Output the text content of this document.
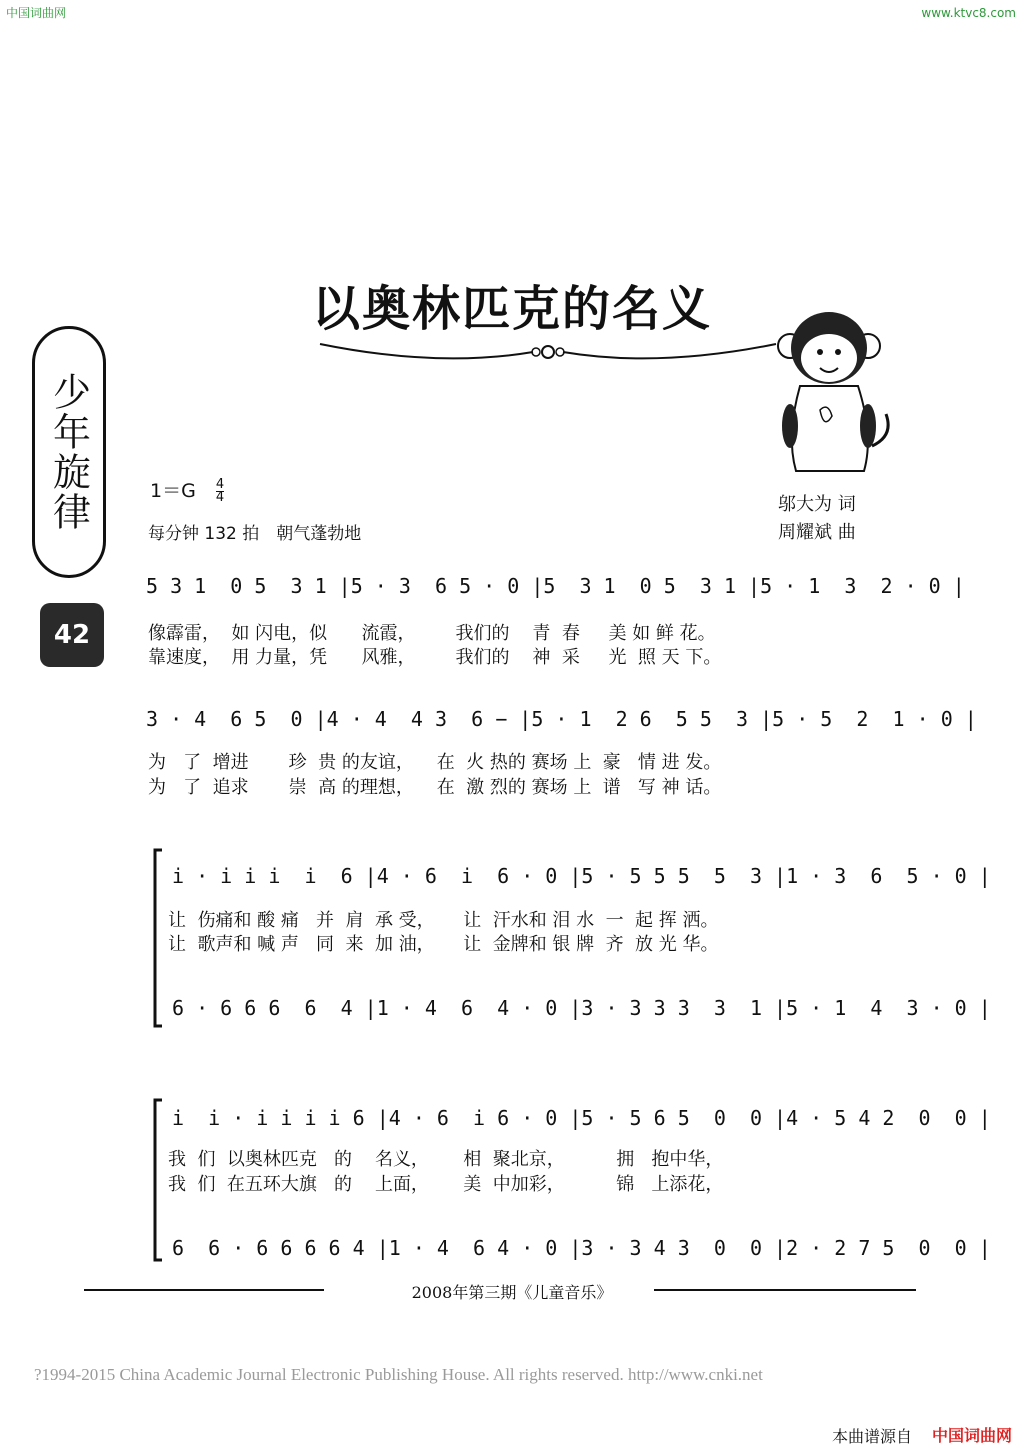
中国词曲网	www.ktvc8.com
以奥林匹克的名义
少年旋律
42
$1=G \frac{4}{4}$
每分钟 132 拍　朝气蓬勃地
邬大为 词
周耀斌 曲
5 3 1  0 5  3 1 |5 · 3  6 5 · 0 |5  3 1  0 5  3 1 |5 · 1  3  2 · 0 |
像霹雷，  如 闪电，似      流霞，       我们的    青  春     美 如 鲜 花。
靠速度，  用 力量，凭      风雅，       我们的    神  采     光  照 天 下。
3 · 4  6 5  0 |4 · 4  4 3  6 − |5 · 1  2 6  5 5  3 |5 · 5  2  1 · 0 |
为   了  增进       珍  贵 的友谊，    在  火 热的 赛场 上  豪   情 进 发。
为   了  追求       崇  高 的理想，    在  激 烈的 赛场 上  谱   写 神 话。
i · i i i  i  6 |4 · 6  i  6 · 0 |5 · 5 5 5  5  3 |1 · 3  6  5 · 0 |
让  伤痛和 酸 痛   并  肩  承 受，     让  汗水和 泪 水  一  起 挥 洒。
让  歌声和 喊 声   同  来  加 油，     让  金牌和 银 牌  齐  放 光 华。
6 · 6 6 6  6  4 |1 · 4  6  4 · 0 |3 · 3 3 3  3  1 |5 · 1  4  3 · 0 |
i  i · i i i i 6 |4 · 6  i 6 · 0 |5 · 5 6 5  0  0 |4 · 5 4 2  0  0 |
我  们  以奥林匹克   的    名义，      相  聚北京，         拥   抱中华，
我  们  在五环大旗   的    上面，      美  中加彩，         锦   上添花，
6  6 · 6 6 6 6 4 |1 · 4  6 4 · 0 |3 · 3 4 3  0  0 |2 · 2 7 5  0  0 |
2008年第三期《儿童音乐》
?1994-2015 China Academic Journal Electronic Publishing House. All rights reserved. http://www.cnki.net
本曲谱源自 中国词曲网
